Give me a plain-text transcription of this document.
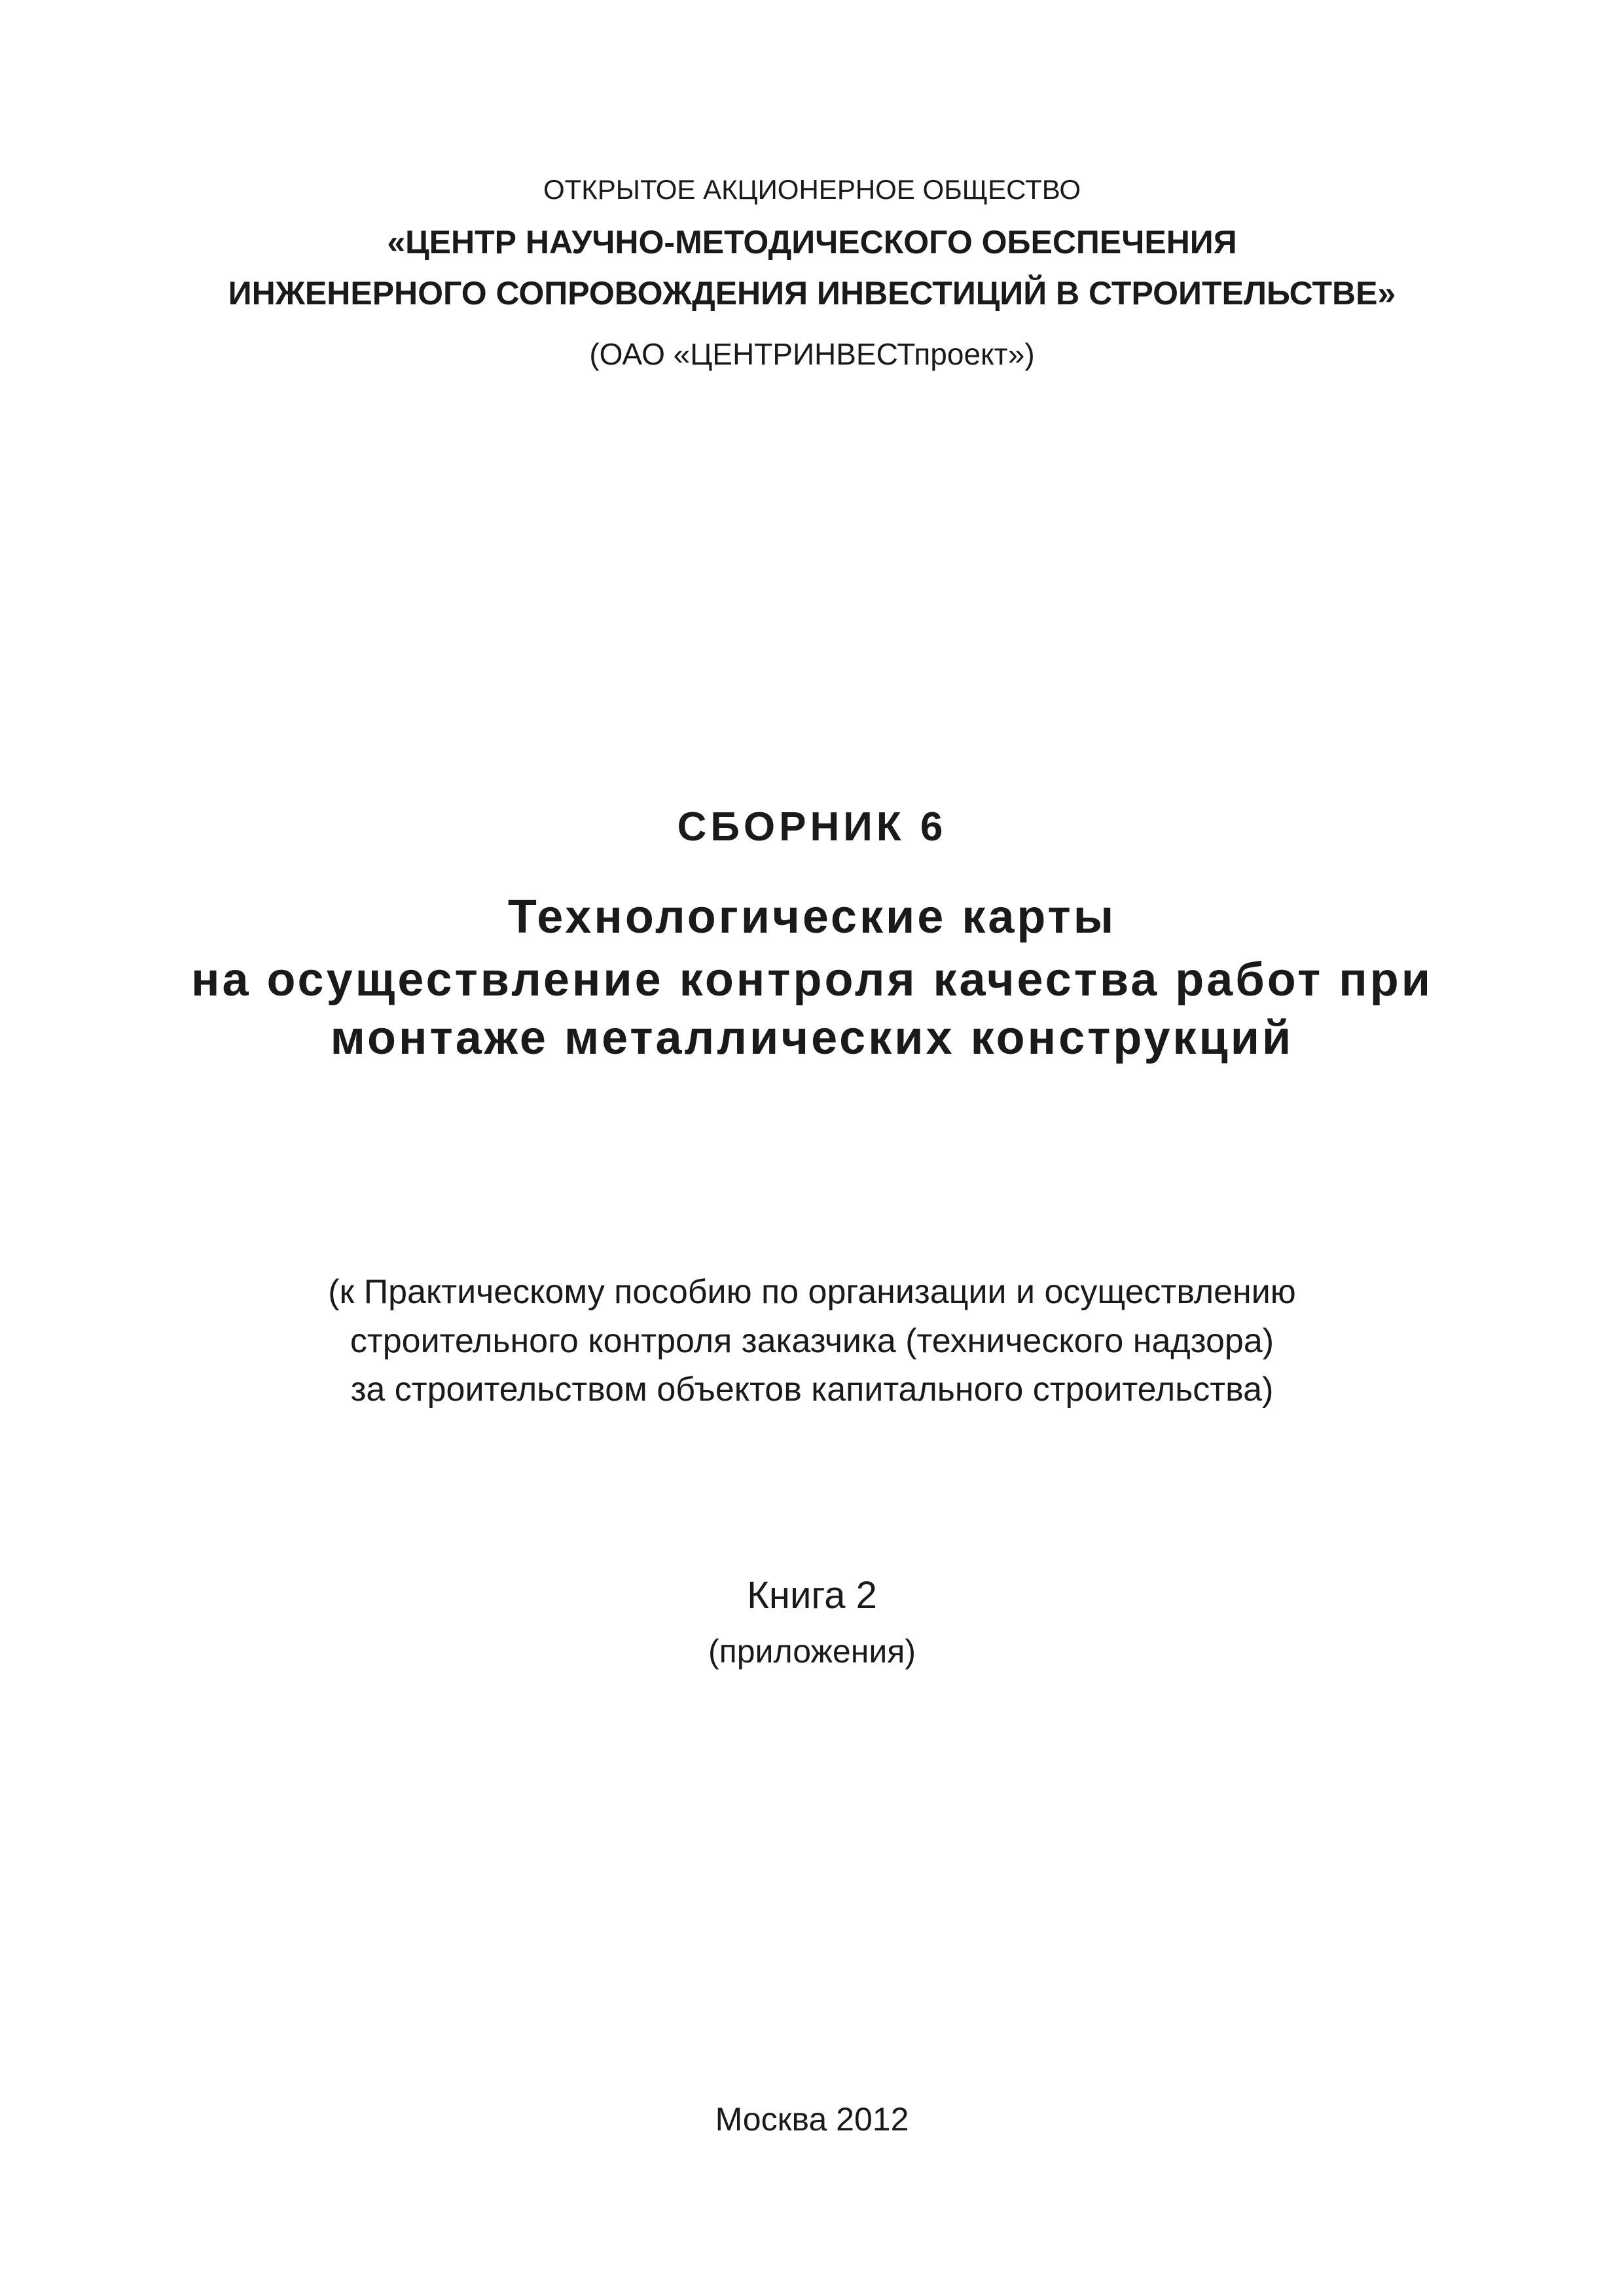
ОТКРЫТОЕ АКЦИОНЕРНОЕ ОБЩЕСТВО
«ЦЕНТР НАУЧНО-МЕТОДИЧЕСКОГО ОБЕСПЕЧЕНИЯ
ИНЖЕНЕРНОГО СОПРОВОЖДЕНИЯ ИНВЕСТИЦИЙ В СТРОИТЕЛЬСТВЕ»
(ОАО «ЦЕНТРИНВЕСТпроект»)
СБОРНИК 6
Технологические карты
на осуществление контроля качества работ при
монтаже металлических конструкций
(к Практическому пособию по организации и осуществлению
строительного контроля заказчика (технического надзора)
за строительством объектов капитального строительства)
Книга 2
(приложения)
Москва 2012
